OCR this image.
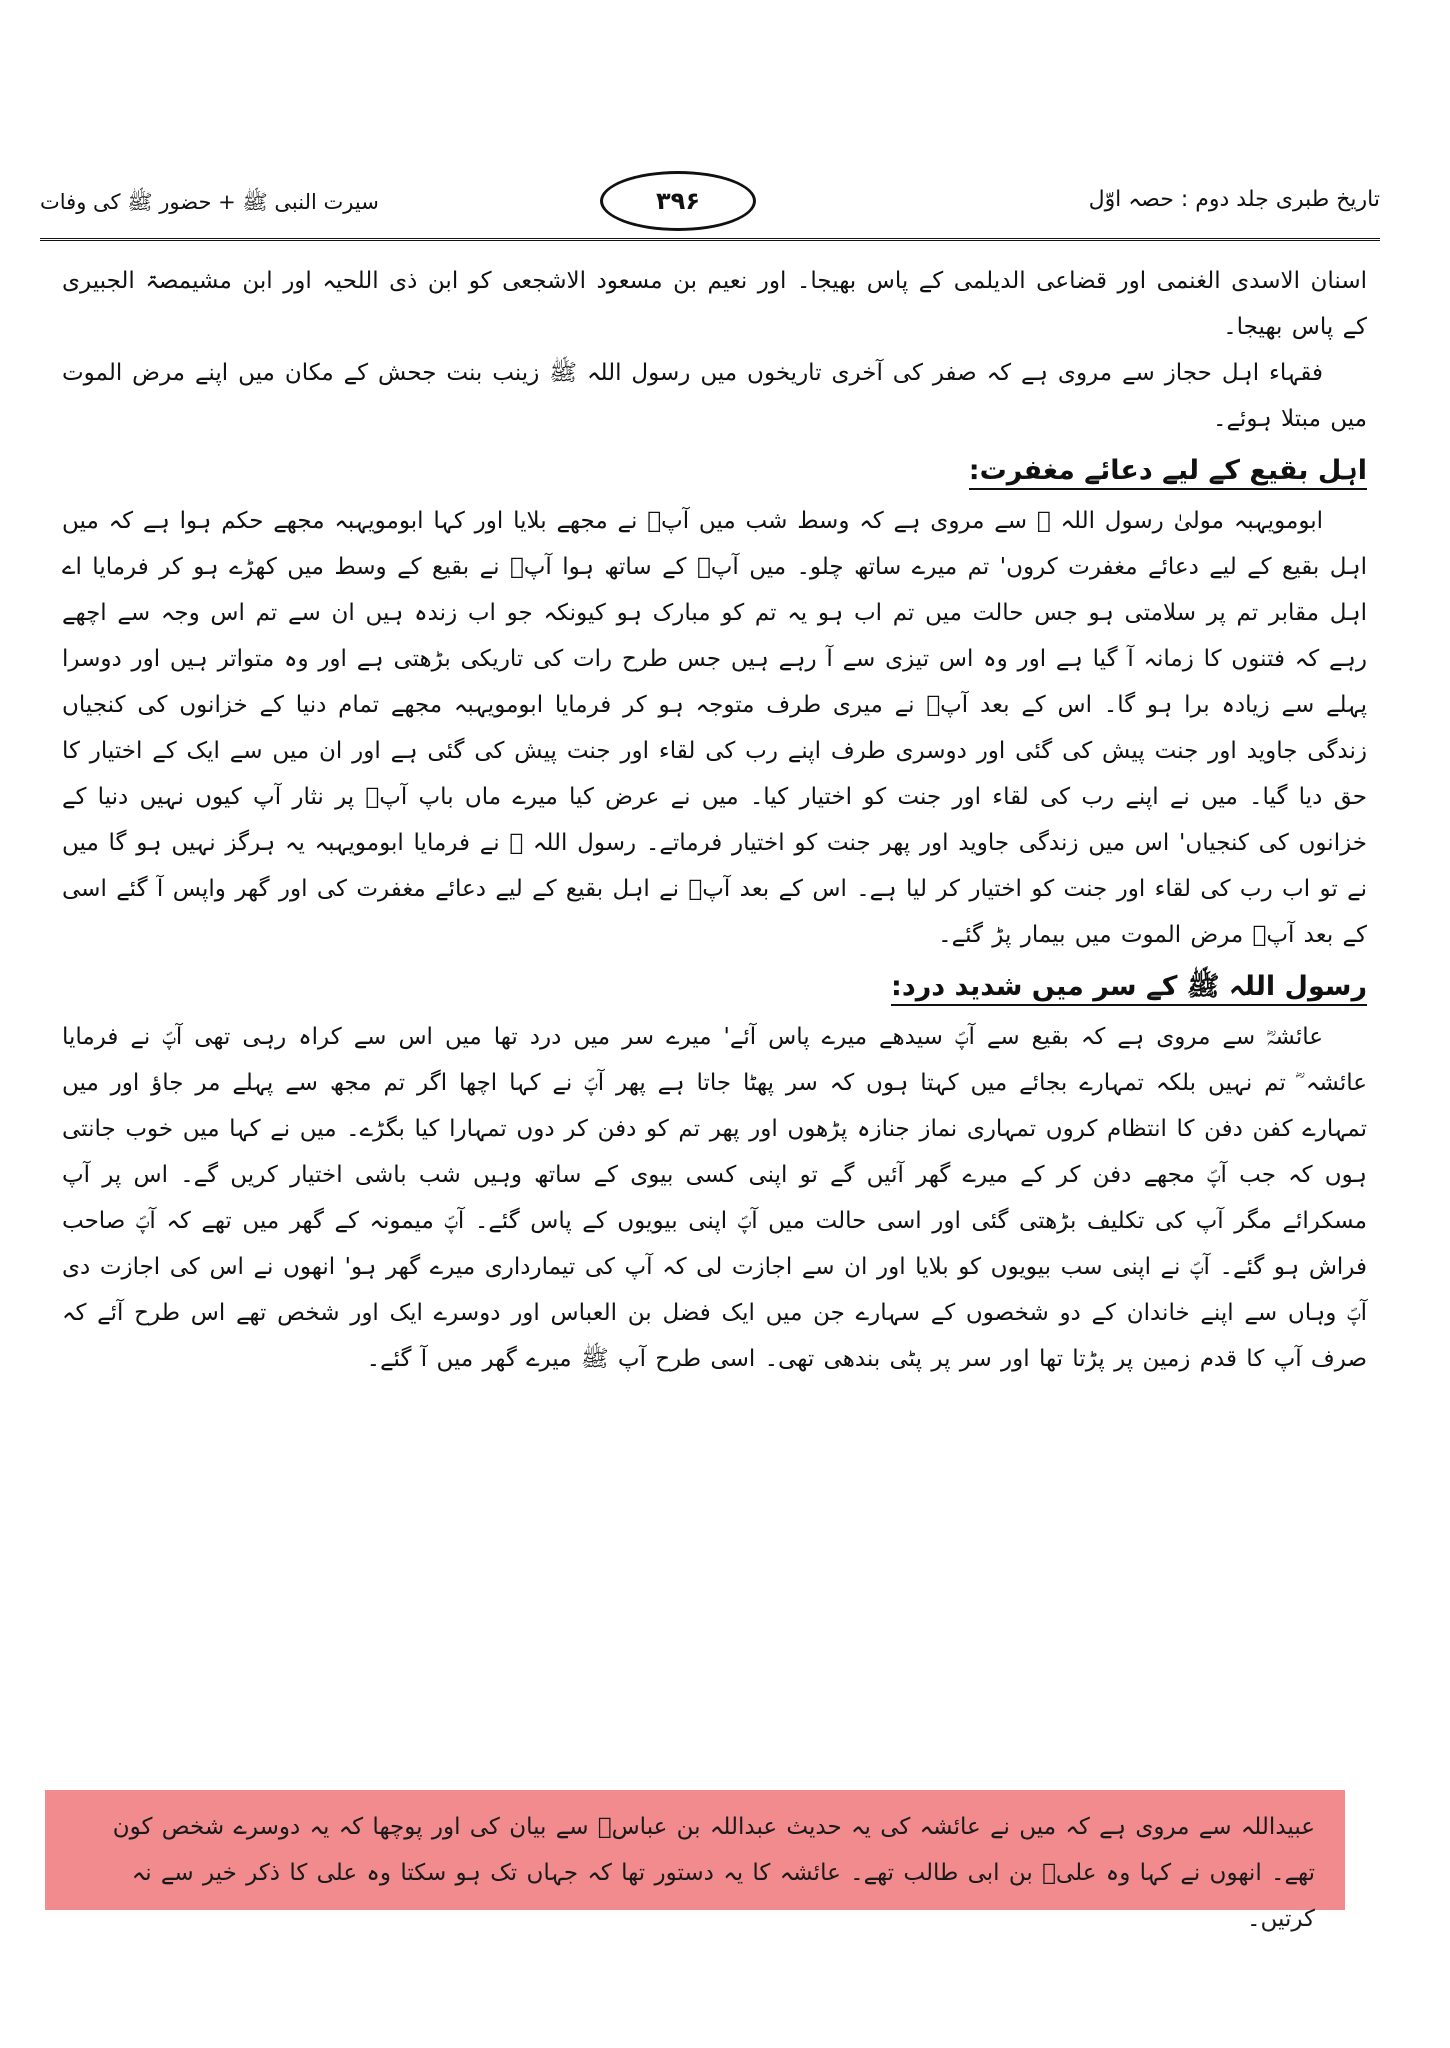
تاریخ طبری جلد دوم : حصہ اوّل
۳۹۶
سیرت النبی ﷺ + حضور ﷺ کی وفات

اسنان الاسدی الغنمی اور قضاعی الدیلمی کے پاس بھیجا۔ اور نعیم بن مسعود الاشجعی کو ابن ذی اللحیہ اور ابن مشیمصۃ الجبیری کے پاس بھیجا۔

فقہاء اہل حجاز سے مروی ہے کہ صفر کی آخری تاریخوں میں رسول اللہ ﷺ زینب بنت جحش کے مکان میں اپنے مرض الموت میں مبتلا ہوئے۔

اہل بقیع کے لیے دعائے مغفرت:

ابومویہبہ مولیٰ رسول اللہ ﷺ سے مروی ہے کہ وسط شب میں آپؐ نے مجھے بلایا اور کہا ابومویہبہ مجھے حکم ہوا ہے کہ میں اہل بقیع کے لیے دعائے مغفرت کروں' تم میرے ساتھ چلو۔ میں آپؐ کے ساتھ ہوا آپؐ نے بقیع کے وسط میں کھڑے ہو کر فرمایا اے اہل مقابر تم پر سلامتی ہو جس حالت میں تم اب ہو یہ تم کو مبارک ہو کیونکہ جو اب زندہ ہیں ان سے تم اس وجہ سے اچھے رہے کہ فتنوں کا زمانہ آ گیا ہے اور وہ اس تیزی سے آ رہے ہیں جس طرح رات کی تاریکی بڑھتی ہے اور وہ متواتر ہیں اور دوسرا پہلے سے زیادہ برا ہو گا۔ اس کے بعد آپؐ نے میری طرف متوجہ ہو کر فرمایا ابومویہبہ مجھے تمام دنیا کے خزانوں کی کنجیاں زندگی جاوید اور جنت پیش کی گئی اور دوسری طرف اپنے رب کی لقاء اور جنت پیش کی گئی ہے اور ان میں سے ایک کے اختیار کا حق دیا گیا۔ میں نے اپنے رب کی لقاء اور جنت کو اختیار کیا۔ میں نے عرض کیا میرے ماں باپ آپؐ پر نثار آپ کیوں نہیں دنیا کے خزانوں کی کنجیاں' اس میں زندگی جاوید اور پھر جنت کو اختیار فرماتے۔ رسول اللہ ﷺ نے فرمایا ابومویہبہ یہ ہرگز نہیں ہو گا میں نے تو اب رب کی لقاء اور جنت کو اختیار کر لیا ہے۔ اس کے بعد آپؐ نے اہل بقیع کے لیے دعائے مغفرت کی اور گھر واپس آ گئے اسی کے بعد آپؐ مرض الموت میں بیمار پڑ گئے۔

رسول اللہ ﷺ کے سر میں شدید درد:

عائشہؓ سے مروی ہے کہ بقیع سے آپؐ سیدھے میرے پاس آئے' میرے سر میں درد تھا میں اس سے کراہ رہی تھی آپؐ نے فرمایا عائشہ ؓ تم نہیں بلکہ تمہارے بجائے میں کہتا ہوں کہ سر پھٹا جاتا ہے پھر آپؐ نے کہا اچھا اگر تم مجھ سے پہلے مر جاؤ اور میں تمہارے کفن دفن کا انتظام کروں تمہاری نماز جنازہ پڑھوں اور پھر تم کو دفن کر دوں تمہارا کیا بگڑے۔ میں نے کہا میں خوب جانتی ہوں کہ جب آپؐ مجھے دفن کر کے میرے گھر آئیں گے تو اپنی کسی بیوی کے ساتھ وہیں شب باشی اختیار کریں گے۔ اس پر آپ مسکرائے مگر آپ کی تکلیف بڑھتی گئی اور اسی حالت میں آپؐ اپنی بیویوں کے پاس گئے۔ آپؐ میمونہ کے گھر میں تھے کہ آپؐ صاحب فراش ہو گئے۔ آپؐ نے اپنی سب بیویوں کو بلایا اور ان سے اجازت لی کہ آپ کی تیمارداری میرے گھر ہو' انھوں نے اس کی اجازت دی آپؐ وہاں سے اپنے خاندان کے دو شخصوں کے سہارے جن میں ایک فضل بن العباس اور دوسرے ایک اور شخص تھے اس طرح آئے کہ صرف آپ کا قدم زمین پر پڑتا تھا اور سر پر پٹی بندھی تھی۔ اسی طرح آپ ﷺ میرے گھر میں آ گئے۔

عبیداللہ سے مروی ہے کہ میں نے عائشہ کی یہ حدیث عبداللہ بن عباسؓ سے بیان کی اور پوچھا کہ یہ دوسرے شخص کون تھے۔ انھوں نے کہا وہ علیؓ بن ابی طالب تھے۔ عائشہ کا یہ دستور تھا کہ جہاں تک ہو سکتا وہ علی کا ذکر خیر سے نہ کرتیں۔
